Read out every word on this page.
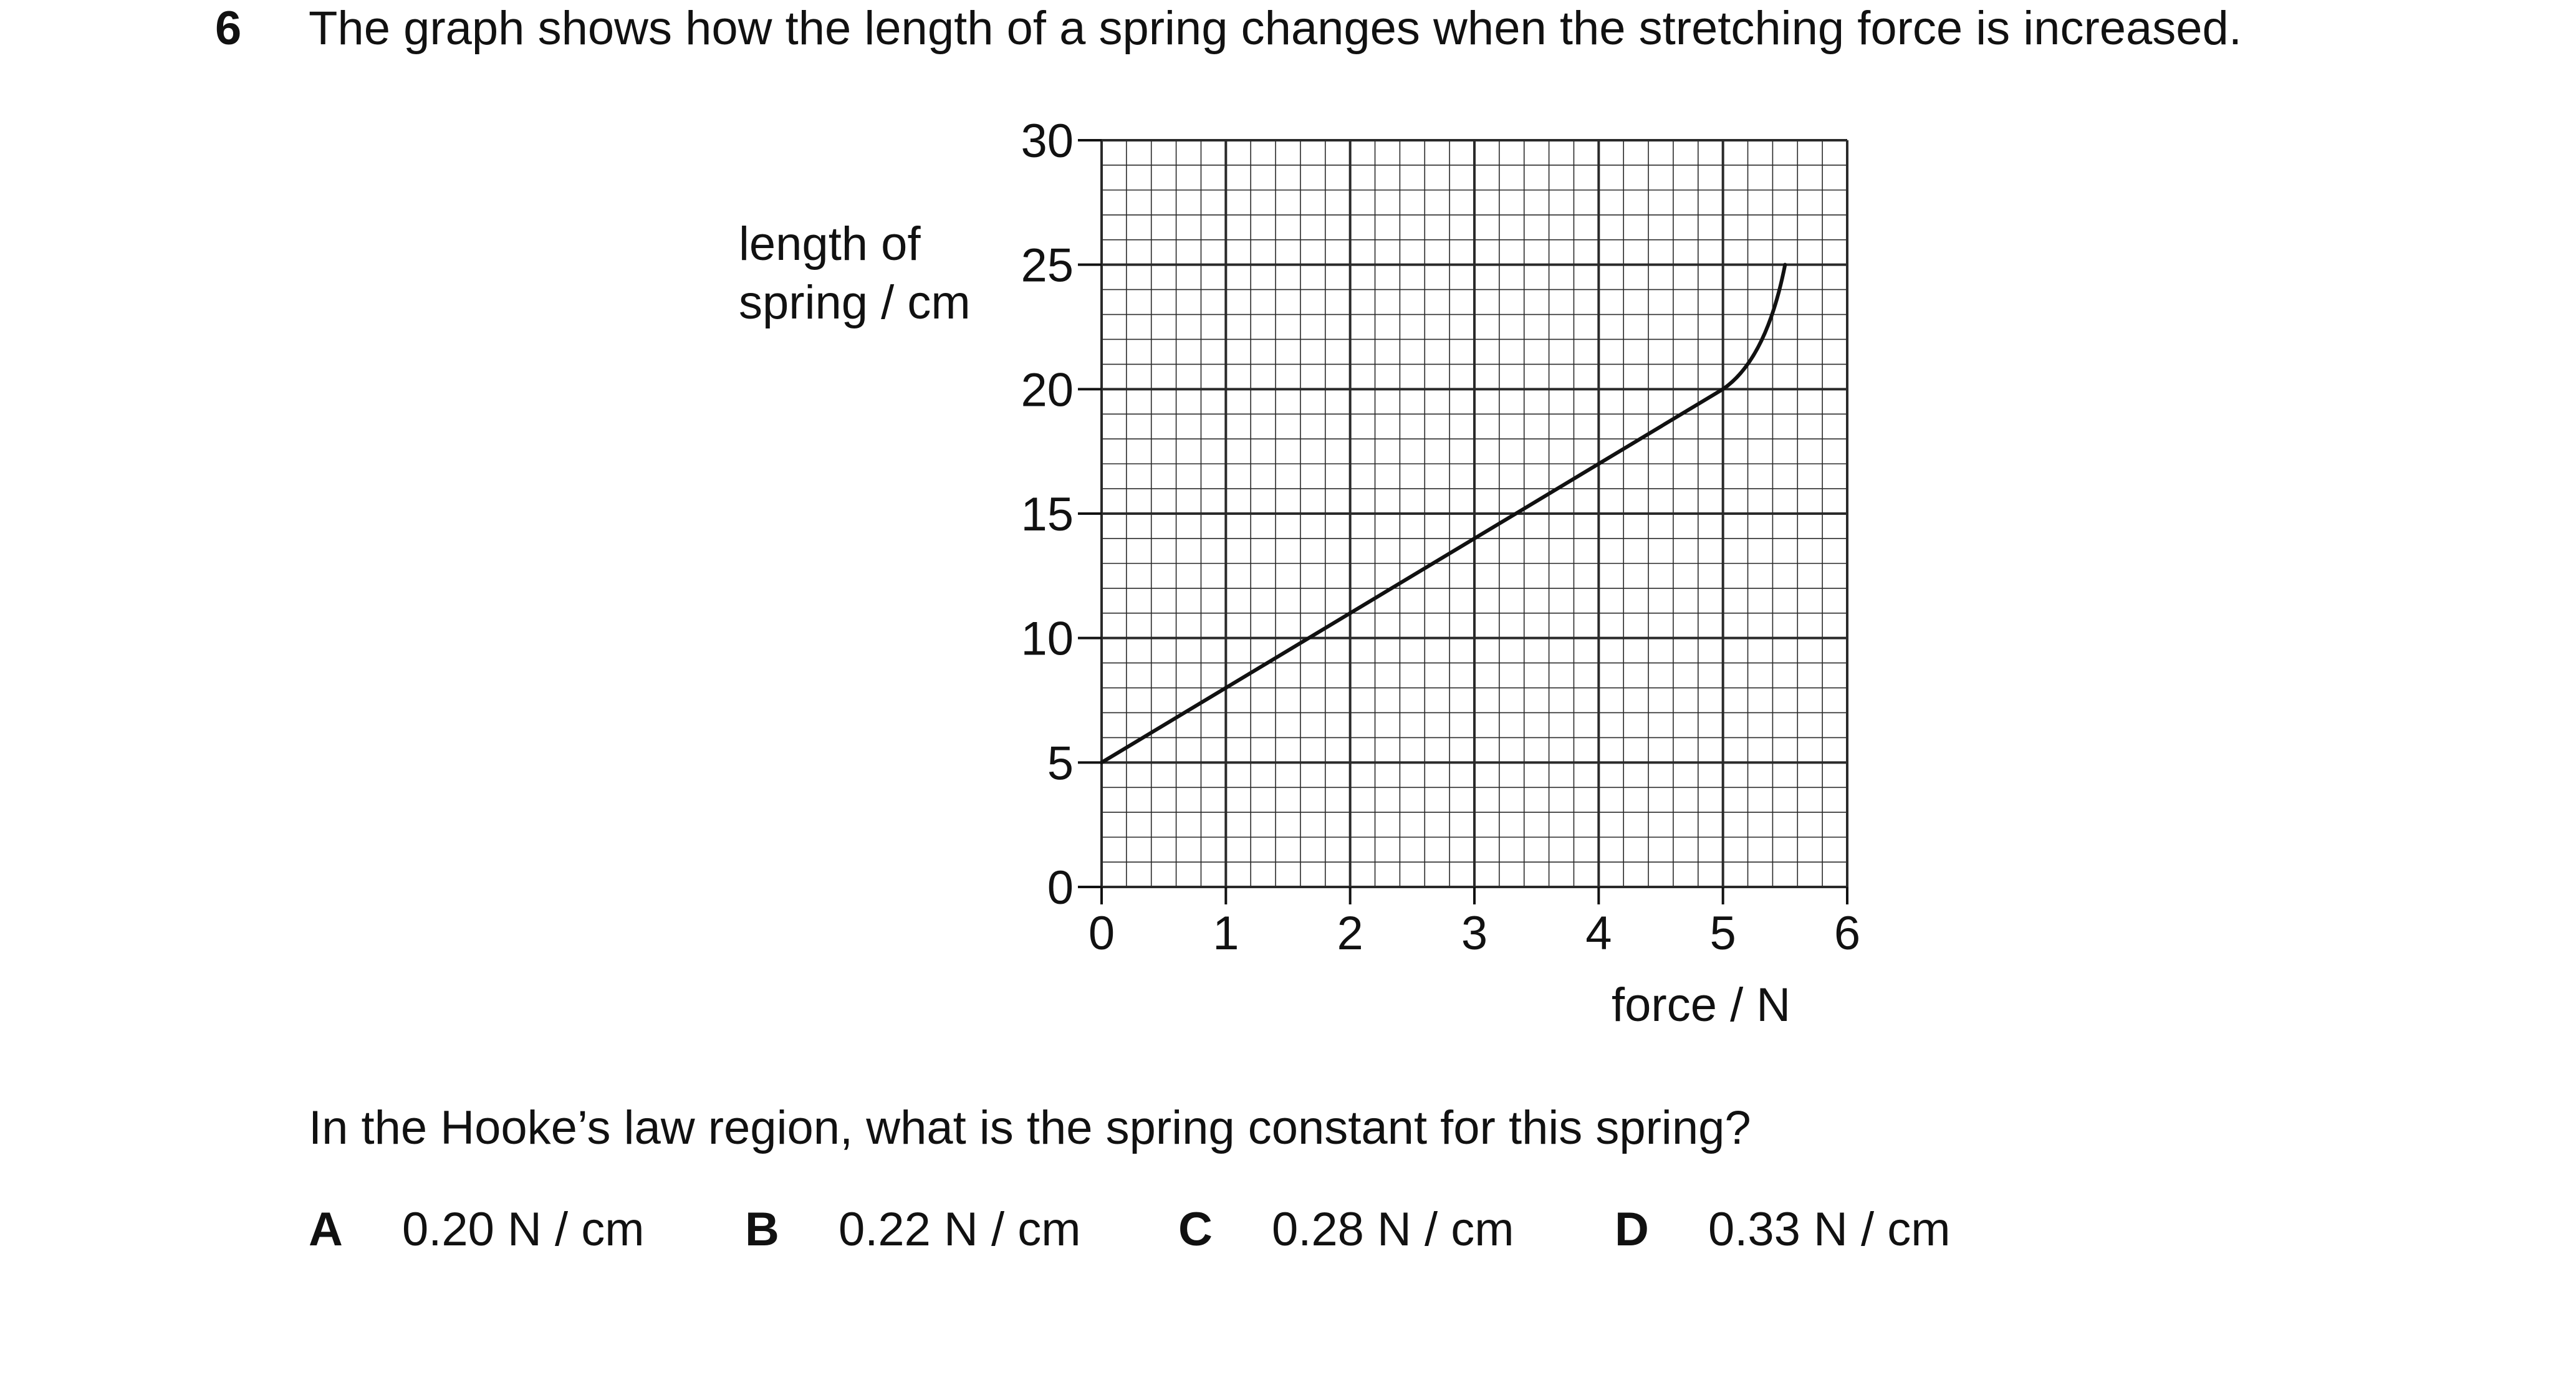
6 The graph shows how the length of a spring changes when the stretching force is increased.
length of
spring / cm
0 1 2 3 4 5 6
0
5
10
15
20
25
30
force / N
In the Hooke’s law region, what is the spring constant for this spring?
A 0.20 N / cm B 0.22 N / cm C 0.28 N / cm D 0.33 N / cm
